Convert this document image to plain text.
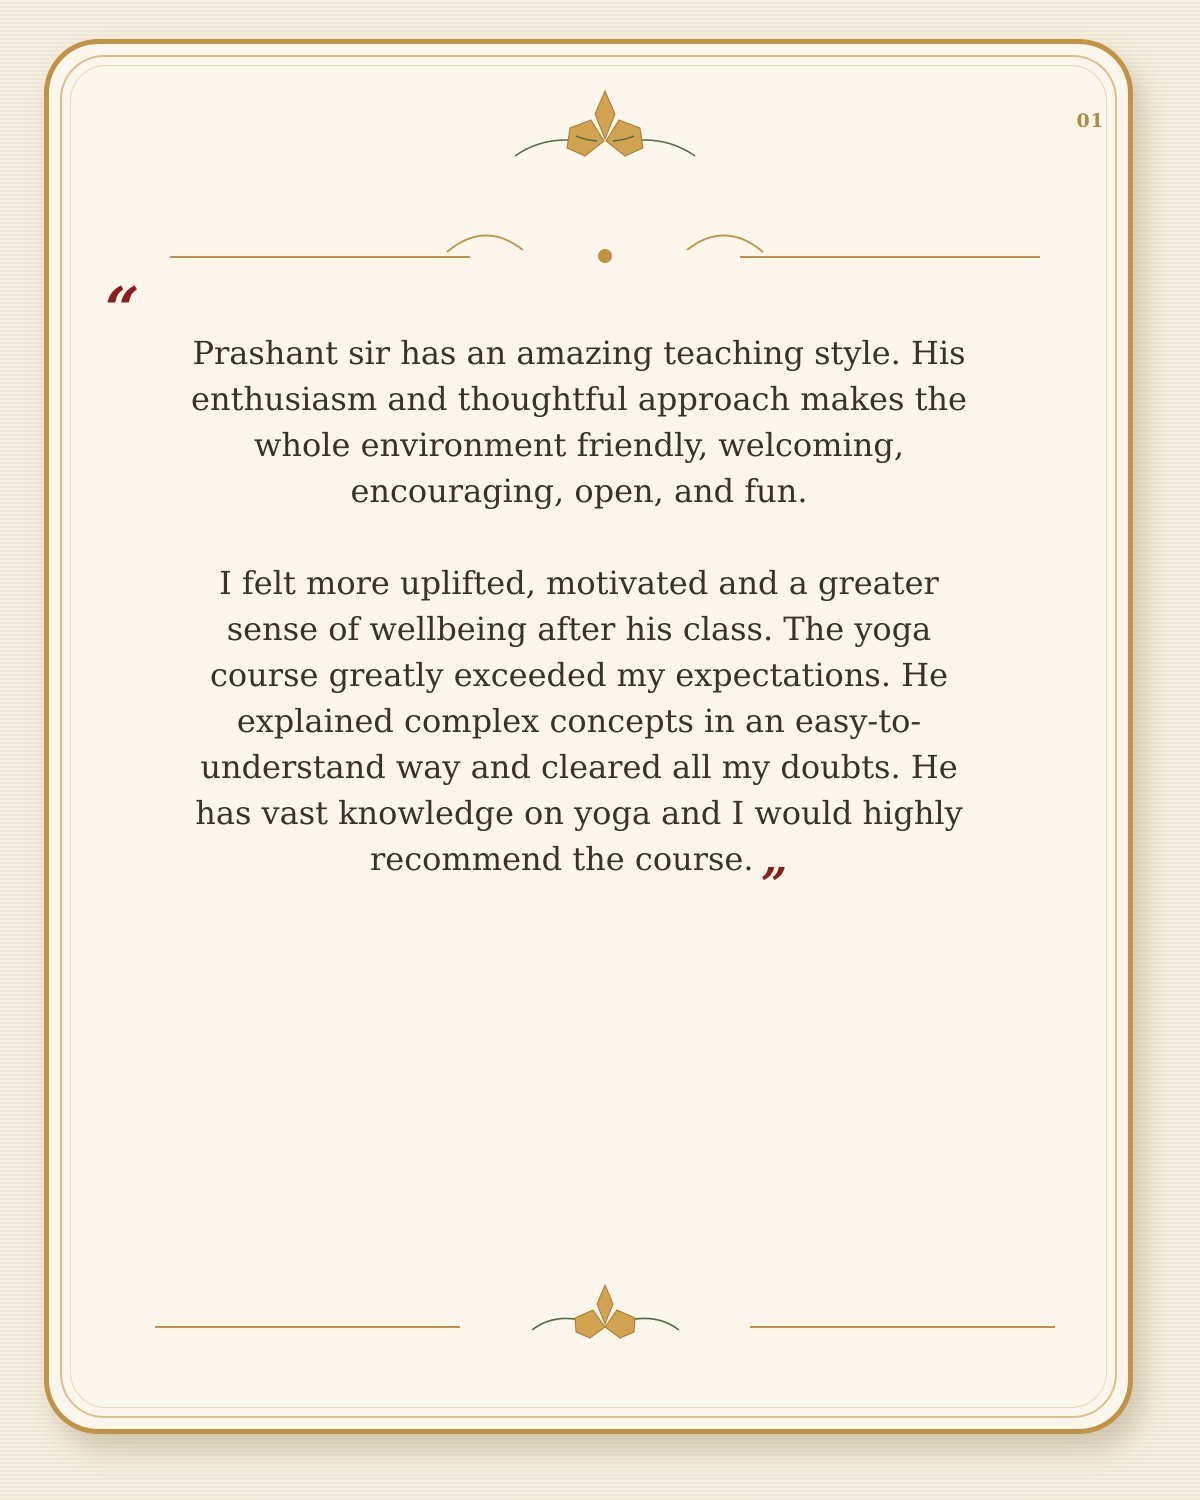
01
“

Prashant sir has an amazing teaching style. His enthusiasm and thoughtful approach makes the whole environment friendly, welcoming, encouraging, open, and fun.

I felt more uplifted, motivated and a greater sense of wellbeing after his class. The yoga course greatly exceeded my expectations. He explained complex concepts in an easy-to-understand way and cleared all my doubts. He has vast knowledge on yoga and I would highly recommend the course. „
